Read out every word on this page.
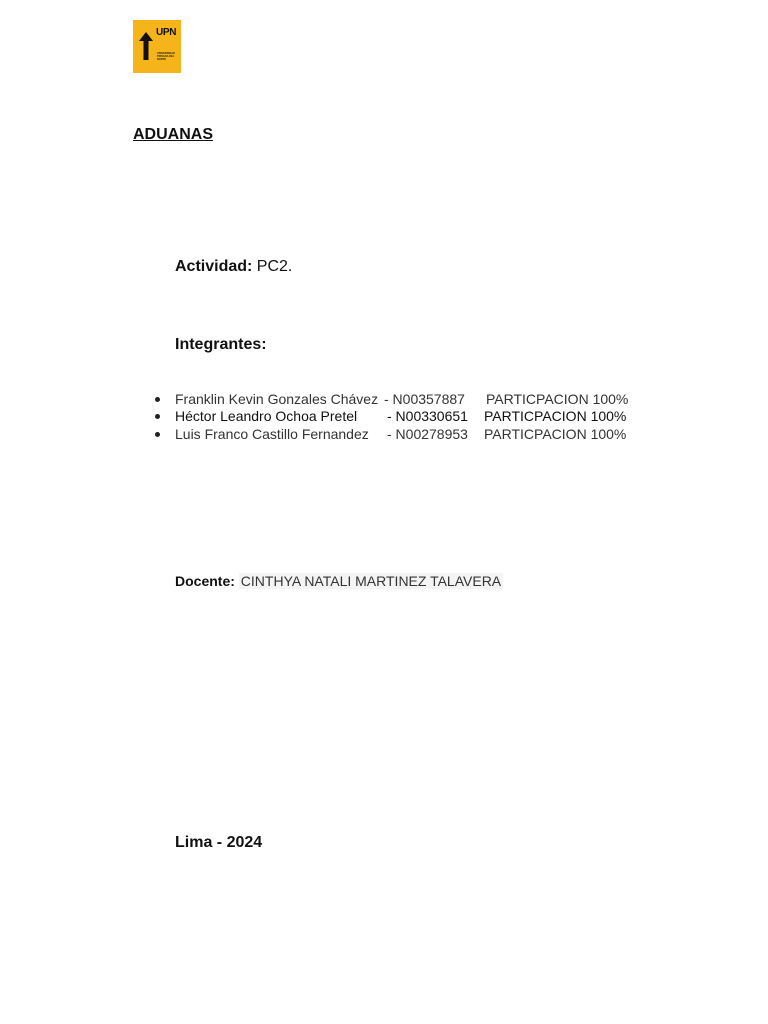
UPN
UNIVERSIDAD PRIVADA DEL NORTE
ADUANAS
Actividad: PC2.
Integrantes:
Franklin Kevin Gonzales Chávez - N00357887 PARTICPACION 100%
Héctor Leandro Ochoa Pretel - N00330651 PARTICPACION 100%
Luis Franco Castillo Fernandez - N00278953 PARTICPACION 100%
Docente: CINTHYA NATALI MARTINEZ TALAVERA
Lima - 2024
